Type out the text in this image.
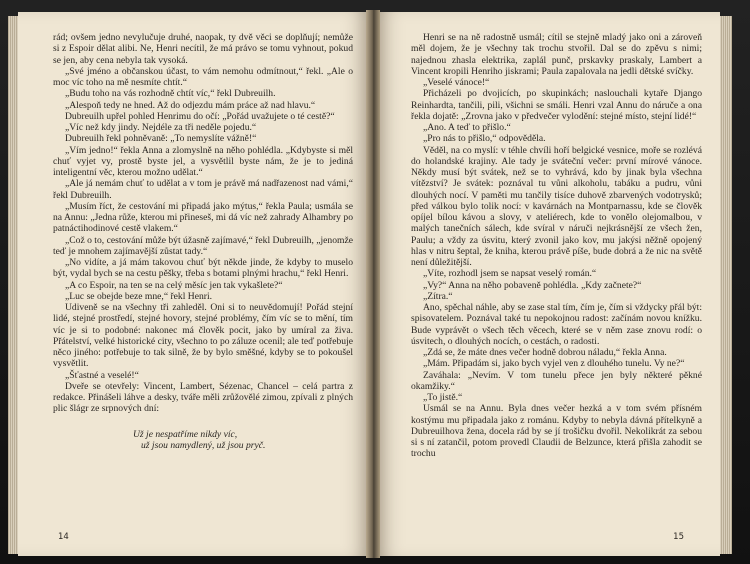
rád; ovšem jedno nevylučuje druhé, naopak, ty dvě věci se doplňují; nemůže si z Espoir dělat alibi. Ne, Henri necítil, že má právo se tomu vyhnout, pokud se jen, aby cena nebyla tak vysoká.

„Své jméno a občanskou účast, to vám nemohu odmítnout,“ řekl. „Ale o moc víc toho na mě nesmíte chtít.“

„Budu toho na vás rozhodně chtít víc,“ řekl Dubreuilh.

„Alespoň tedy ne hned. Až do odjezdu mám práce až nad hlavu.“

Dubreuilh upřel pohled Henrimu do očí: „Pořád uvažujete o té cestě?“

„Víc než kdy jindy. Nejdéle za tři neděle pojedu.“

Dubreuilh řekl pohněvaně: „To nemyslíte vážně!“

„Vím jedno!“ řekla Anna a zlomyslně na něho pohlédla. „Kdybyste si měl chuť vyjet vy, prostě byste jel, a vysvětlil byste nám, že je to jediná inteligentní věc, kterou možno udělat.“

„Ale já nemám chuť to udělat a v tom je právě má nadřazenost nad vámi,“ řekl Dubreuilh.

„Musím říct, že cestování mi připadá jako mýtus,“ řekla Paula; usmála se na Annu: „Jedna růže, kterou mi přineseš, mi dá víc než zahrady Alhambry po patnáctihodinové cestě vlakem.“

„Což o to, cestování může být úžasně zajímavé,“ řekl Dubreuilh, „jenomže teď je mnohem zajímavější zůstat tady.“

„No vidíte, a já mám takovou chuť být někde jinde, že kdyby to muselo být, vydal bych se na cestu pěšky, třeba s botami plnými hrachu,“ řekl Henri.

„A co Espoir, na ten se na celý měsíc jen tak vykašlete?“

„Luc se obejde beze mne,“ řekl Henri.

Udiveně se na všechny tři zahleděl. Oni si to neuvědomují! Pořád stejní lidé, stejné prostředí, stejné hovory, stejné problémy, čím víc se to mění, tím víc je si to podobné: nakonec má člověk pocit, jako by umíral za živa. Přátelství, velké historické city, všechno to po záluze ocenil; ale teď potřebuje něco jiného: potřebuje to tak silně, že by bylo směšné, kdyby se to pokoušel vysvětlit.

„Šťastné a veselé!“

Dveře se otevřely: Vincent, Lambert, Sézenac, Chancel – celá partra z redakce. Přinášeli láhve a desky, tváře měli zrůžovělé zimou, zpívali z plných plic šlágr ze srpnových dní:

Už je nespatříme nikdy víc,
už jsou namydlený, už jsou pryč.
14

Henri se na ně radostně usmál; cítil se stejně mladý jako oni a zároveň měl dojem, že je všechny tak trochu stvořil. Dal se do zpěvu s nimi; najednou zhasla elektrika, zaplál punč, prskavky praskaly, Lambert a Vincent kropili Henriho jiskrami; Paula zapalovala na jedli dětské svíčky.

„Veselé vánoce!“

Přicházeli po dvojicích, po skupinkách; naslouchali kytaře Django Reinhardta, tančili, pili, všichni se smáli. Henri vzal Annu do náruče a ona řekla dojatě: „Zrovna jako v předvečer vylodění: stejné místo, stejní lidé!“

„Ano. A teď to přišlo.“

„Pro nás to přišlo,“ odpověděla.

Věděl, na co myslí: v téhle chvíli hoří belgické vesnice, moře se rozlévá do holandské krajiny. Ale tady je sváteční večer: první mírové vánoce. Někdy musí být svátek, než se to vyhrává, kdo by jinak byla všechna vítězství? Je svátek: poznával tu vůni alkoholu, tabáku a pudru, vůni dlouhých nocí. V paměti mu tančily tisíce duhově zbarvených vodotrysků; před válkou bylo tolik nocí: v kavárnách na Montparnassu, kde se člověk opíjel bílou kávou a slovy, v ateliérech, kde to vonělo olejomalbou, v malých tanečních sálech, kde svíral v náruči nejkrásnější ze všech žen, Paulu; a vždy za úsvitu, který zvonil jako kov, mu jakýsi něžně opojený hlas v nitru šeptal, že kniha, kterou právě píše, bude dobrá a že nic na světě není důležitější.

„Víte, rozhodl jsem se napsat veselý román.“

„Vy?“ Anna na něho pobaveně pohlédla. „Kdy začnete?“

„Zítra.“

Ano, spěchal náhle, aby se zase stal tím, čím je, čím si vždycky přál být: spisovatelem. Poznával také tu nepokojnou radost: začínám novou knížku. Bude vyprávět o všech těch věcech, které se v něm zase znovu rodí: o úsvitech, o dlouhých nocích, o cestách, o radosti.

„Zdá se, že máte dnes večer hodně dobrou náladu,“ řekla Anna.

„Mám. Připadám si, jako bych vyjel ven z dlouhého tunelu. Vy ne?“

Zaváhala: „Nevím. V tom tunelu přece jen byly některé pěkné okamžiky.“

„To jistě.“

Usmál se na Annu. Byla dnes večer hezká a v tom svém přísném kostýmu mu připadala jako z románu. Kdyby to nebyla dávná přítelkyně a Dubreuilhova žena, docela rád by se jí trošičku dvořil. Nekolikrát za sebou si s ní zatančil, potom provedl Claudii de Belzunce, která přišla zahodit se trochu

15
